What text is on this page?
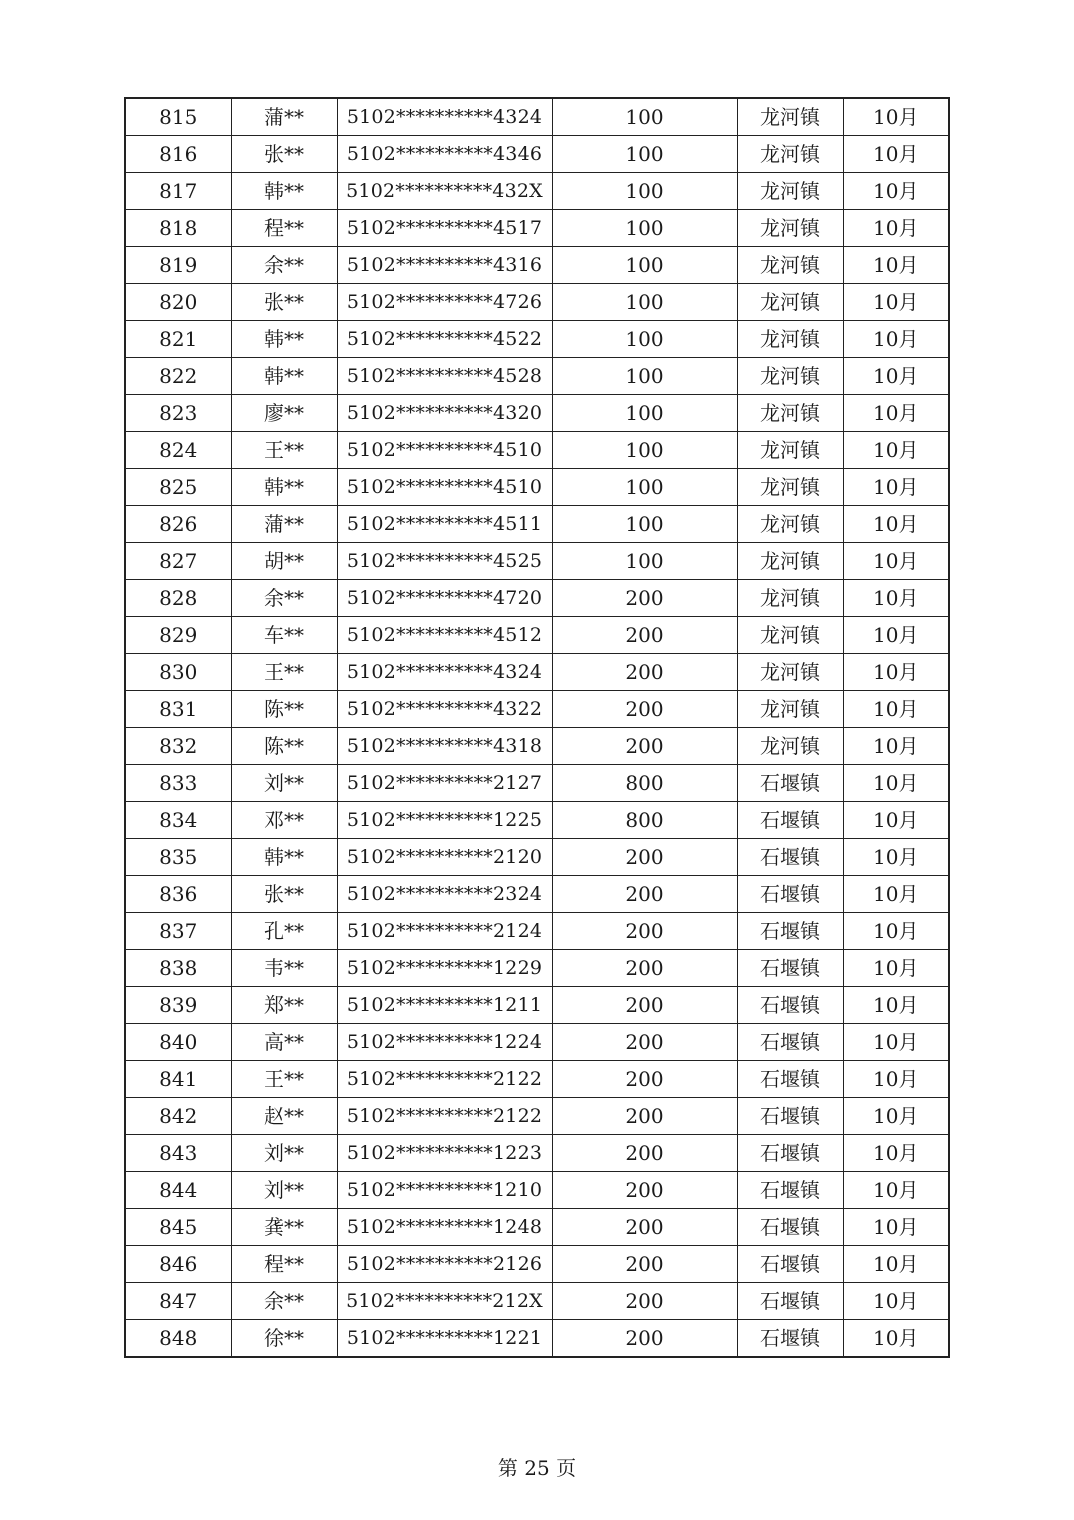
815	蒲**	5102**********4324	100	龙河镇	10月
816	张**	5102**********4346	100	龙河镇	10月
817	韩**	5102**********432X	100	龙河镇	10月
818	程**	5102**********4517	100	龙河镇	10月
819	余**	5102**********4316	100	龙河镇	10月
820	张**	5102**********4726	100	龙河镇	10月
821	韩**	5102**********4522	100	龙河镇	10月
822	韩**	5102**********4528	100	龙河镇	10月
823	廖**	5102**********4320	100	龙河镇	10月
824	王**	5102**********4510	100	龙河镇	10月
825	韩**	5102**********4510	100	龙河镇	10月
826	蒲**	5102**********4511	100	龙河镇	10月
827	胡**	5102**********4525	100	龙河镇	10月
828	余**	5102**********4720	200	龙河镇	10月
829	车**	5102**********4512	200	龙河镇	10月
830	王**	5102**********4324	200	龙河镇	10月
831	陈**	5102**********4322	200	龙河镇	10月
832	陈**	5102**********4318	200	龙河镇	10月
833	刘**	5102**********2127	800	石堰镇	10月
834	邓**	5102**********1225	800	石堰镇	10月
835	韩**	5102**********2120	200	石堰镇	10月
836	张**	5102**********2324	200	石堰镇	10月
837	孔**	5102**********2124	200	石堰镇	10月
838	韦**	5102**********1229	200	石堰镇	10月
839	郑**	5102**********1211	200	石堰镇	10月
840	高**	5102**********1224	200	石堰镇	10月
841	王**	5102**********2122	200	石堰镇	10月
842	赵**	5102**********2122	200	石堰镇	10月
843	刘**	5102**********1223	200	石堰镇	10月
844	刘**	5102**********1210	200	石堰镇	10月
845	龚**	5102**********1248	200	石堰镇	10月
846	程**	5102**********2126	200	石堰镇	10月
847	余**	5102**********212X	200	石堰镇	10月
848	徐**	5102**********1221	200	石堰镇	10月
第 25 页
